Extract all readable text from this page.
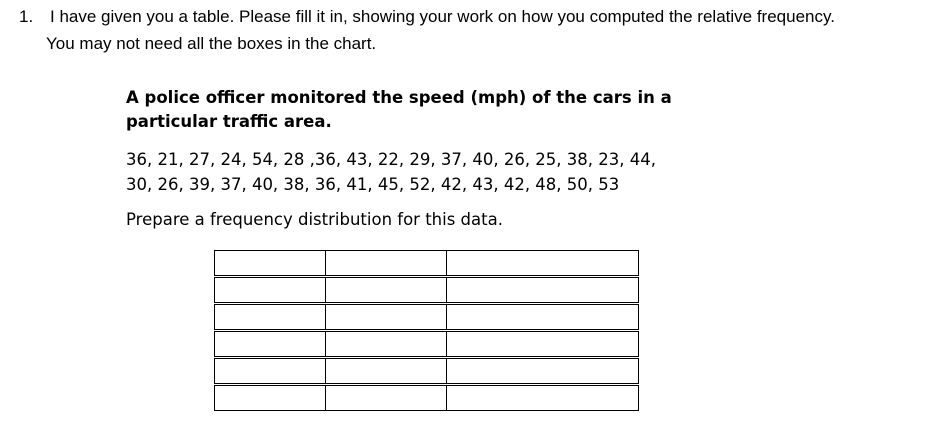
1. I have given you a table. Please fill it in, showing your work on how you computed the relative frequency. You may not need all the boxes in the chart.

A police officer monitored the speed (mph) of the cars in a particular traffic area.

36, 21, 27, 24, 54, 28 ,36, 43, 22, 29, 37, 40, 26, 25, 38, 23, 44,
30, 26, 39, 37, 40, 38, 36, 41, 45, 52, 42, 43, 42, 48, 50, 53

Prepare a frequency distribution for this data.
